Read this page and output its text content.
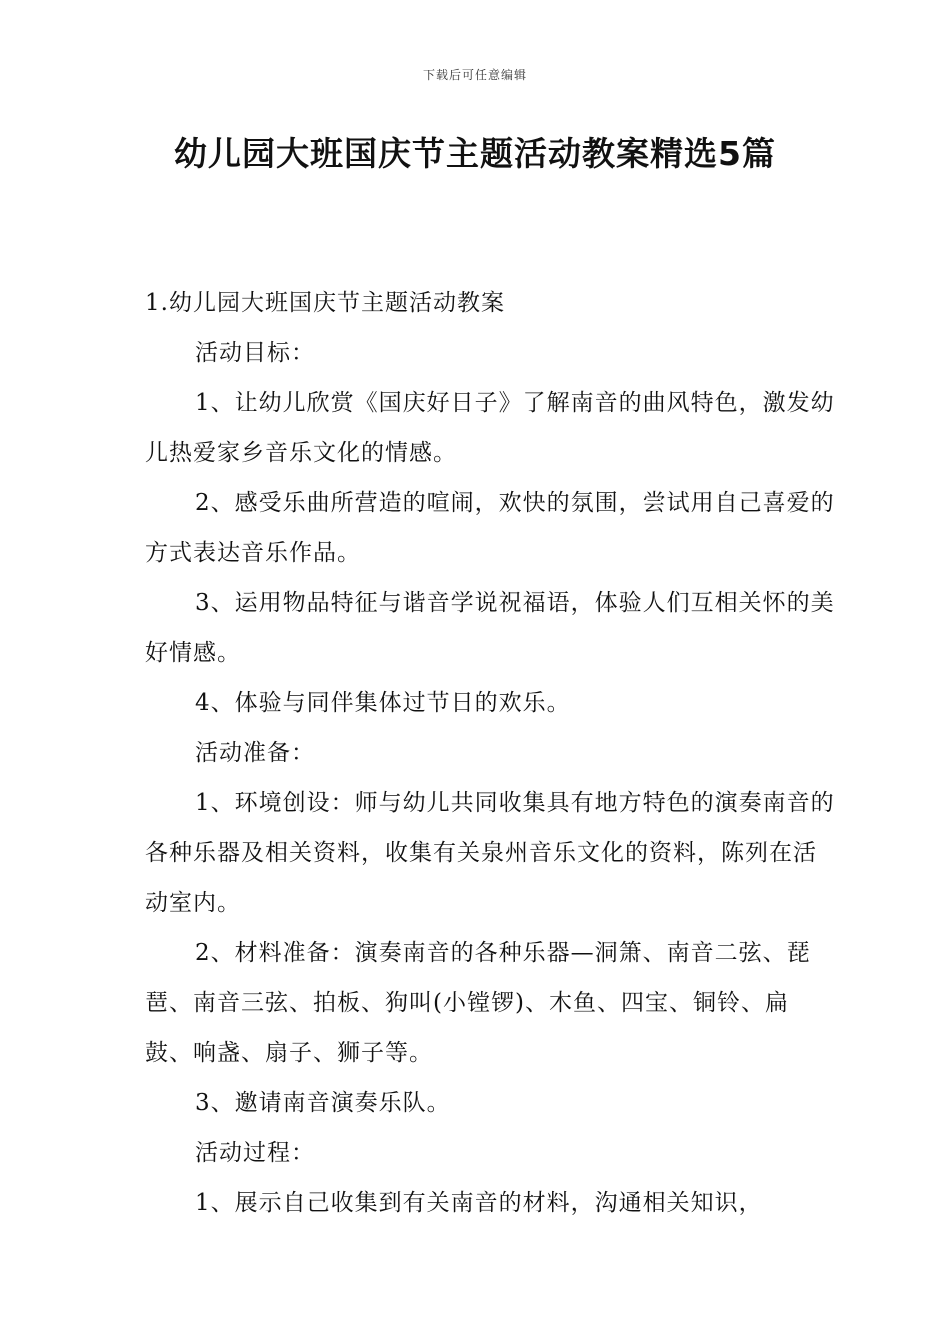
下载后可任意编辑
幼儿园大班国庆节主题活动教案精选5篇

1.幼儿园大班国庆节主题活动教案

活动目标：

1、让幼儿欣赏《国庆好日子》了解南音的曲风特色，激发幼儿热爱家乡音乐文化的情感。

2、感受乐曲所营造的喧闹，欢快的氛围，尝试用自己喜爱的方式表达音乐作品。

3、运用物品特征与谐音学说祝福语，体验人们互相关怀的美好情感。

4、体验与同伴集体过节日的欢乐。

活动准备：

1、环境创设：师与幼儿共同收集具有地方特色的演奏南音的各种乐器及相关资料，收集有关泉州音乐文化的资料，陈列在活动室内。

2、材料准备：演奏南音的各种乐器—洞箫、南音二弦、琵琶、南音三弦、拍板、狗叫(小镗锣)、木鱼、四宝、铜铃、扁鼓、响盏、扇子、狮子等。

3、邀请南音演奏乐队。

活动过程：

1、展示自己收集到有关南音的材料，沟通相关知识，
